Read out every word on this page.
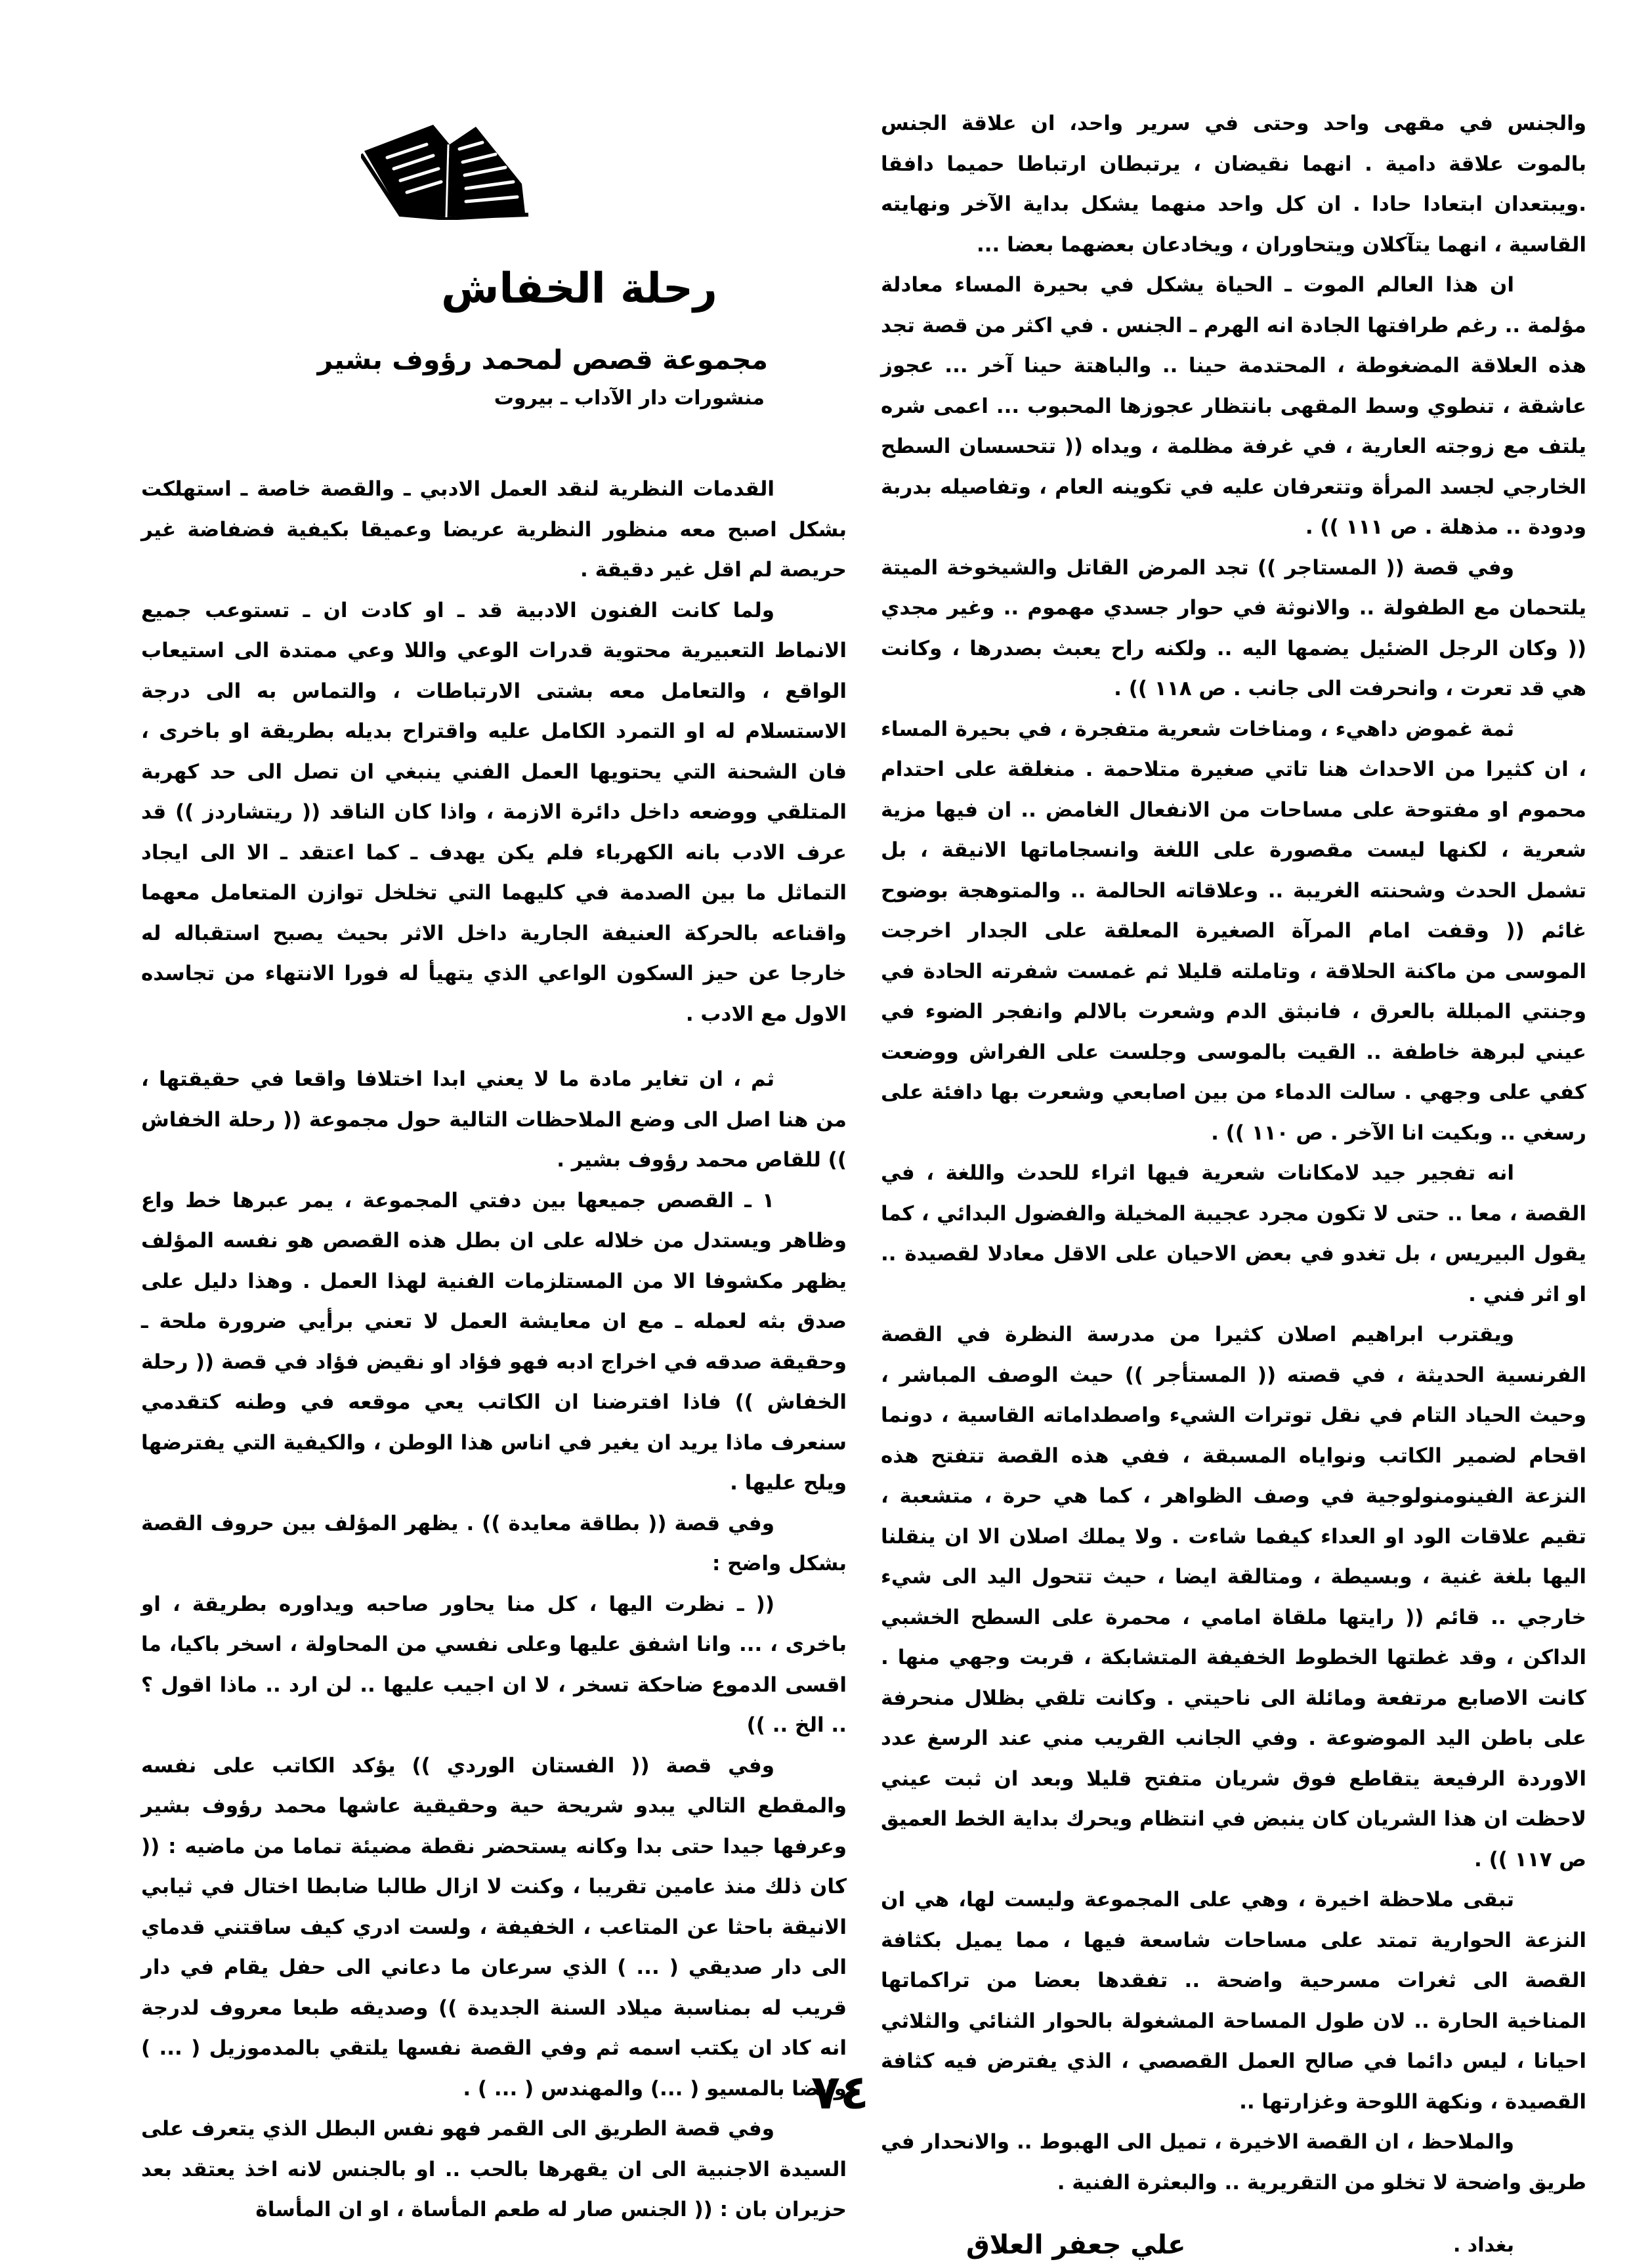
رحلة الخفاش
مجموعة قصص لمحمد رؤوف بشير
منشورات دار الآداب ـ بيروت

القدمات النظرية لنقد العمل الادبي ـ والقصة خاصة ـ استهلكت بشكل اصبح معه منظور النظرية عريضا وعميقا بكيفية فضفاضة غير حريصة لم اقل غير دقيقة .

ولما كانت الفنون الادبية قد ـ او كادت ان ـ تستوعب جميع الانماط التعبيرية محتوية قدرات الوعي واللا وعي ممتدة الى استيعاب الواقع ، والتعامل معه بشتى الارتباطات ، والتماس به الى درجة الاستسلام له او التمرد الكامل عليه واقتراح بديله بطريقة او باخرى ، فان الشحنة التي يحتويها العمل الفني ينبغي ان تصل الى حد كهربة المتلقي ووضعه داخل دائرة الازمة ، واذا كان الناقد (( ريتشاردز )) قد عرف الادب بانه الكهرباء فلم يكن يهدف ـ كما اعتقد ـ الا الى ايجاد التماثل ما بين الصدمة في كليهما التي تخلخل توازن المتعامل معهما واقناعه بالحركة العنيفة الجارية داخل الاثر بحيث يصبح استقباله له خارجا عن حيز السكون الواعي الذي يتهيأ له فورا الانتهاء من تجاسده الاول مع الادب .

ثم ، ان تغاير مادة ما لا يعني ابدا اختلافا واقعا في حقيقتها ، من هنا اصل الى وضع الملاحظات التالية حول مجموعة (( رحلة الخفاش )) للقاص محمد رؤوف بشير .

١ ـ القصص جميعها بين دفتي المجموعة ، يمر عبرها خط واع وظاهر ويستدل من خلاله على ان بطل هذه القصص هو نفسه المؤلف يظهر مكشوفا الا من المستلزمات الفنية لهذا العمل . وهذا دليل على صدق بثه لعمله ـ مع ان معايشة العمل لا تعني برأيي ضرورة ملحة ـ وحقيقة صدقه في اخراج ادبه فهو فؤاد او نقيض فؤاد في قصة (( رحلة الخفاش )) فاذا افترضنا ان الكاتب يعي موقعه في وطنه كتقدمي سنعرف ماذا يريد ان يغير في اناس هذا الوطن ، والكيفية التي يفترضها ويلح عليها .

وفي قصة (( بطاقة معايدة )) . يظهر المؤلف بين حروف القصة بشكل واضح :

(( ـ نظرت اليها ، كل منا يحاور صاحبه ويداوره بطريقة ، او باخرى ، ... وانا اشفق عليها وعلى نفسي من المحاولة ، اسخر باكيا، ما اقسى الدموع ضاحكة تسخر ، لا ان اجيب عليها .. لن ارد .. ماذا اقول ؟ .. الخ .. ))

وفي قصة (( الفستان الوردي )) يؤكد الكاتب على نفسه والمقطع التالي يبدو شريحة حية وحقيقية عاشها محمد رؤوف بشير وعرفها جيدا حتى بدا وكانه يستحضر نقطة مضيئة تماما من ماضيه : (( كان ذلك منذ عامين تقريبا ، وكنت لا ازال طالبا ضابطا اختال في ثيابي الانيقة باحثا عن المتاعب ، الخفيفة ، ولست ادري كيف ساقتني قدماي الى دار صديقي ( ... ) الذي سرعان ما دعاني الى حفل يقام في دار قريب له بمناسبة ميلاد السنة الجديدة )) وصديقه طبعا معروف لدرجة انه كاد ان يكتب اسمه ثم وفي القصة نفسها يلتقي بالمدموزيل ( ... ) وايضا بالمسيو ( ...) والمهندس ( ... ) .

وفي قصة الطريق الى القمر فهو نفس البطل الذي يتعرف على السيدة الاجنبية الى ان يقهرها بالحب .. او بالجنس لانه اخذ يعتقد بعد حزيران بان : (( الجنس صار له طعم المأساة ، او ان المأساة

والجنس في مقهى واحد وحتى في سرير واحد، ان علاقة الجنس بالموت علاقة دامية . انهما نقيضان ، يرتبطان ارتباطا حميما دافقا .ويبتعدان ابتعادا حادا . ان كل واحد منهما يشكل بداية الآخر ونهايته القاسية ، انهما يتآكلان ويتحاوران ، ويخادعان بعضهما بعضا ...

ان هذا العالم الموت ـ الحياة يشكل في بحيرة المساء معادلة مؤلمة .. رغم طرافتها الجادة انه الهرم ـ الجنس . في اكثر من قصة تجد هذه العلاقة المضغوطة ، المحتدمة حينا .. والباهتة حينا آخر ... عجوز عاشقة ، تنطوي وسط المقهى بانتظار عجوزها المحبوب ... اعمى شره يلتف مع زوجته العارية ، في غرفة مظلمة ، ويداه (( تتحسسان السطح الخارجي لجسد المرأة وتتعرفان عليه في تكوينه العام ، وتفاصيله بدربة ودودة .. مذهلة . ص ١١١ )) .

وفي قصة (( المستاجر )) تجد المرض القاتل والشيخوخة الميتة يلتحمان مع الطفولة .. والانوثة في حوار جسدي مهموم .. وغير مجدي (( وكان الرجل الضئيل يضمها اليه .. ولكنه راح يعبث بصدرها ، وكانت هي قد تعرت ، وانحرفت الى جانب . ص ١١٨ )) .

ثمة غموض داهيء ، ومناخات شعرية متفجرة ، في بحيرة المساء ، ان كثيرا من الاحداث هنا تاتي صغيرة متلاحمة . منغلقة على احتدام محموم او مفتوحة على مساحات من الانفعال الغامض .. ان فيها مزية شعرية ، لكنها ليست مقصورة على اللغة وانسجاماتها الانيقة ، بل تشمل الحدث وشحنته الغريبة .. وعلاقاته الحالمة .. والمتوهجة بوضوح غائم (( وقفت امام المرآة الصغيرة المعلقة على الجدار اخرجت الموسى من ماكنة الحلاقة ، وتاملته قليلا ثم غمست شفرته الحادة في وجنتي المبللة بالعرق ، فانبثق الدم وشعرت بالالم وانفجر الضوء في عيني لبرهة خاطفة .. القيت بالموسى وجلست على الفراش ووضعت كفي على وجهي . سالت الدماء من بين اصابعي وشعرت بها دافئة على رسغي .. وبكيت انا الآخر . ص ١١٠ )) .

انه تفجير جيد لامكانات شعرية فيها اثراء للحدث واللغة ، في القصة ، معا .. حتى لا تكون مجرد عجيبة المخيلة والفضول البدائي ، كما يقول البيريس ، بل تغدو في بعض الاحيان على الاقل معادلا لقصيدة .. او اثر فني .

ويقترب ابراهيم اصلان كثيرا من مدرسة النظرة في القصة الفرنسية الحديثة ، في قصته (( المستأجر )) حيث الوصف المباشر ، وحيث الحياد التام في نقل توترات الشيء واصطداماته القاسية ، دونما اقحام لضمير الكاتب ونواياه المسبقة ، ففي هذه القصة تتفتح هذه النزعة الفينومنولوجية في وصف الظواهر ، كما هي حرة ، متشعبة ، تقيم علاقات الود او العداء كيفما شاءت . ولا يملك اصلان الا ان ينقلنا اليها بلغة غنية ، وبسيطة ، ومتالقة ايضا ، حيث تتحول اليد الى شيء خارجي .. قائم (( رايتها ملقاة امامي ، محمرة على السطح الخشبي الداكن ، وقد غطتها الخطوط الخفيفة المتشابكة ، قربت وجهي منها . كانت الاصابع مرتفعة ومائلة الى ناحيتي . وكانت تلقي بظلال منحرفة على باطن اليد الموضوعة . وفي الجانب القريب مني عند الرسغ عدد الاوردة الرفيعة يتقاطع فوق شريان متفتح قليلا وبعد ان ثبت عيني لاحظت ان هذا الشريان كان ينبض في انتظام ويحرك بداية الخط العميق ص ١١٧ )) .

تبقى ملاحظة اخيرة ، وهي على المجموعة وليست لها، هي ان النزعة الحوارية تمتد على مساحات شاسعة فيها ، مما يميل بكثافة القصة الى ثغرات مسرحية واضحة .. تفقدها بعضا من تراكماتها المناخية الحارة .. لان طول المساحة المشغولة بالحوار الثنائي والثلاثي احيانا ، ليس دائما في صالح العمل القصصي ، الذي يفترض فيه كثافة القصيدة ، ونكهة اللوحة وغزارتها ..

والملاحظ ، ان القصة الاخيرة ، تميل الى الهبوط .. والانحدار في طريق واضحة لا تخلو من التقريرية .. والبعثرة الفنية .

بغداد .
علي جعفر العلاق
٧٤
